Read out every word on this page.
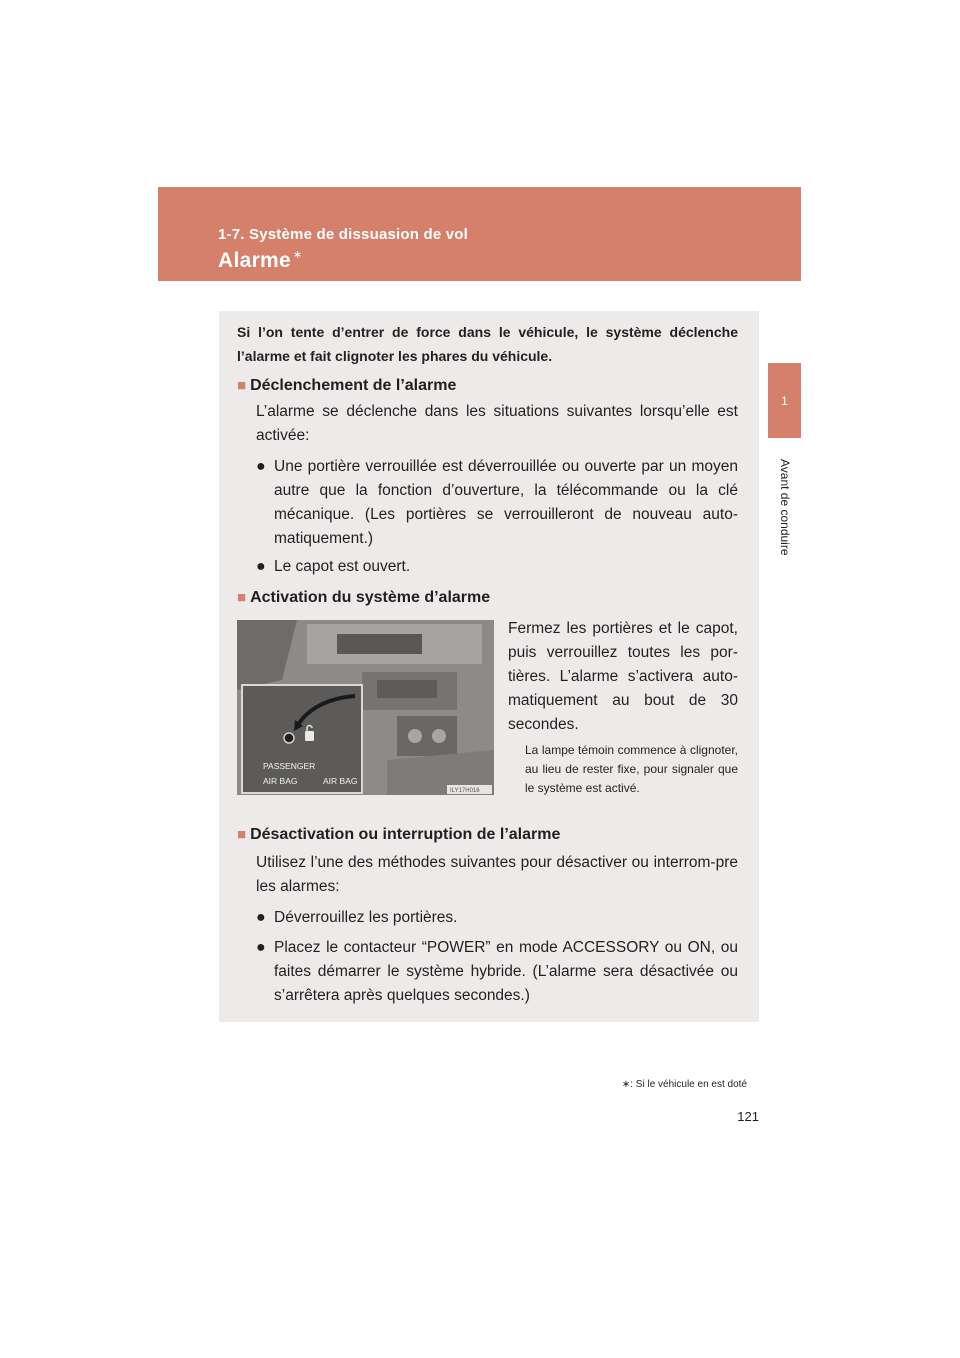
1-7. Système de dissuasion de vol
Alarme ∗
1
Avant de conduire
Si l’on tente d’entrer de force dans le véhicule, le système déclenche l’alarme et fait clignoter les phares du véhicule.
■ Déclenchement de l’alarme
L’alarme se déclenche dans les situations suivantes lorsqu’elle est activée:
● Une portière verrouillée est déverrouillée ou ouverte par un moyen autre que la fonction d’ouverture, la télécommande ou la clé mécanique. (Les portières se verrouilleront de nouveau auto-matiquement.)
● Le capot est ouvert.
■ Activation du système d’alarme
PASSENGER
AIR BAG	AIR BAG
ILY17H016
Fermez les portières et le capot, puis verrouillez toutes les por-tières. L’alarme s’activera auto-matiquement au bout de 30 secondes.
La lampe témoin commence à clignoter, au lieu de rester fixe, pour signaler que le système est activé.
■ Désactivation ou interruption de l’alarme
Utilisez l’une des méthodes suivantes pour désactiver ou interrom-pre les alarmes:
● Déverrouillez les portières.
● Placez le contacteur “POWER” en mode ACCESSORY ou ON, ou faites démarrer le système hybride. (L’alarme sera désactivée ou s’arrêtera après quelques secondes.)
∗: Si le véhicule en est doté
121
